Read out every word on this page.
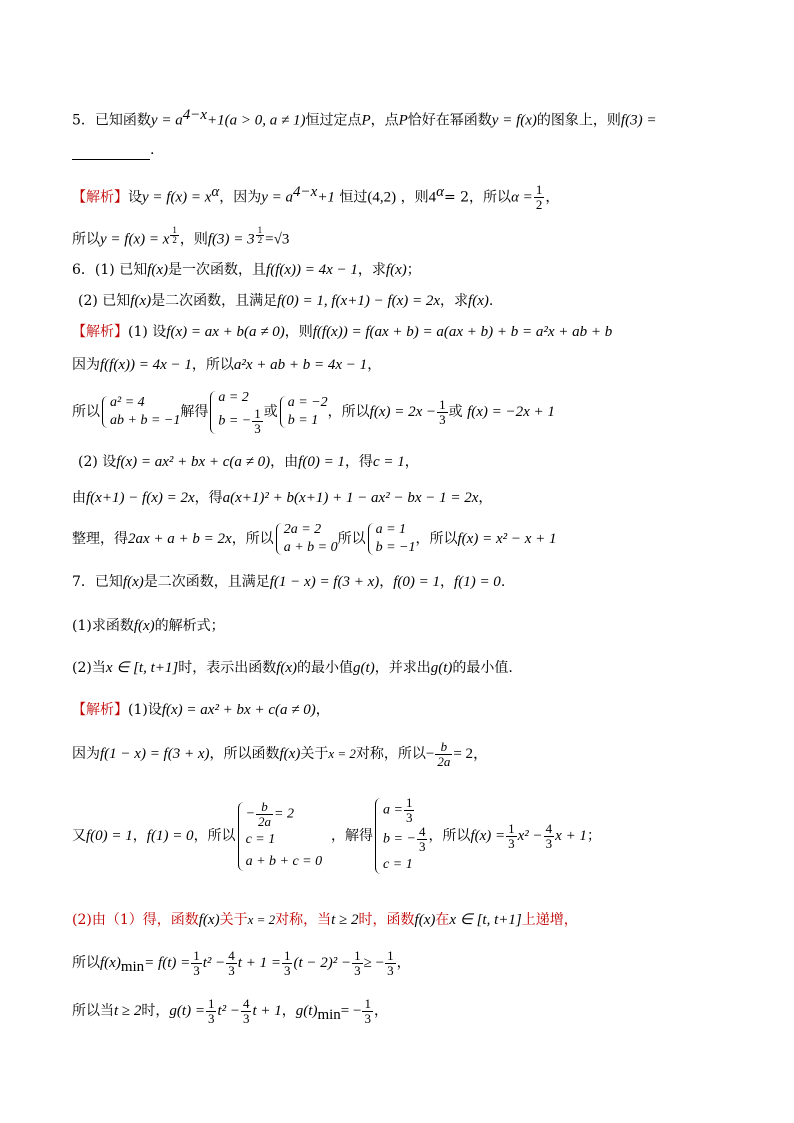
5．已知函数$y = a^{4-x}+1(a > 0$, a ≠ 1)恒过定点P，点P恰好在幂函数y = f(x)的图象上，则f(3) =
.
【解析】设$y = f(x) = x^\alpha$，因为$y = a^{4-x}+1$ 恒过(4,2) ，则$4^\alpha= 2$，所以$\alpha = \frac{1}{2}$ ，
所以y = f(x) = x $^{\frac{1}{2}}$ ，则f(3) = 3 $^{\frac{1}{2}}$ =√3
6．(1) 已知f(x)是一次函数，且f(f(x)) = 4x − 1，求f(x)；
(2) 已知f(x)是二次函数，且满足f(0) = 1, f(x+1) − f(x) = 2x，求f(x).
【解析】(1) 设f(x) = ax + b(a ≠ 0)，则f(f(x)) = f(ax + b) = a(ax + b) + b = a²x + ab + b
因为f(f(x)) = 4x − 1，所以a²x + ab + b = 4x − 1，
所以
a² = 4
ab + b = −1
解得
a = 2
b = − $\frac{1}{3}$ 或
a = −2
b = 1
，所以$f(x) = 2x - \frac{1}{3}$ 或 f(x) = −2x + 1
(2) 设f(x) = ax² + bx + c(a ≠ 0)，由f(0) = 1，得c = 1，
由f(x+1) − f(x) = 2x，得a(x+1)² + b(x+1) + 1 − ax² − bx − 1 = 2x，
整理，得2ax + a + b = 2x，所以
2a = 2
a + b = 0
所以
a = 1
b = −1
，所以f(x) = x² − x + 1
7．已知f(x)是二次函数，且满足f(1 − x) = f(3 + x)，f(0) = 1，f(1) = 0.
(1)求函数f(x)的解析式；
(2)当x ∈ [t, t+1]时，表示出函数f(x)的最小值g(t)，并求出g(t)的最小值.
【解析】(1)设f(x) = ax² + bx + c(a ≠ 0)，
因为f(1 − x) = f(3 + x)，所以函数f(x)关于x = 2对称，所以− $\frac{b}{2a} = 2$，
又f(0) = 1，f(1) = 0，所以
− $\frac{b}{2a} = 2$
c = 1
a + b + c = 0
，解得
$a = \frac{1}{3}$
b = − $\frac{4}{3}$
c = 1
，所以$f(x) = \frac{1}{3} x^2 - \frac{4}{3}$ x + 1；
(2)由（1）得，函数f(x)关于x = 2对称，当t ≥ 2时，函数f(x)在x ∈ [t, t+1]上递增，
所以$f(x)_{min}= f(t) = \frac{1}{3} t^2 - \frac{4}{3}$ $t + 1 = \frac{1}{3} (t - 2)^2 - \frac{1}{3}$ ≥ − $\frac{1}{3}$ ，
所以当t ≥ 2时，$g(t) = \frac{1}{3} t^2 - \frac{4}{3}$ t + 1，$g(t)_{min}= - \frac{1}{3}$ ，
